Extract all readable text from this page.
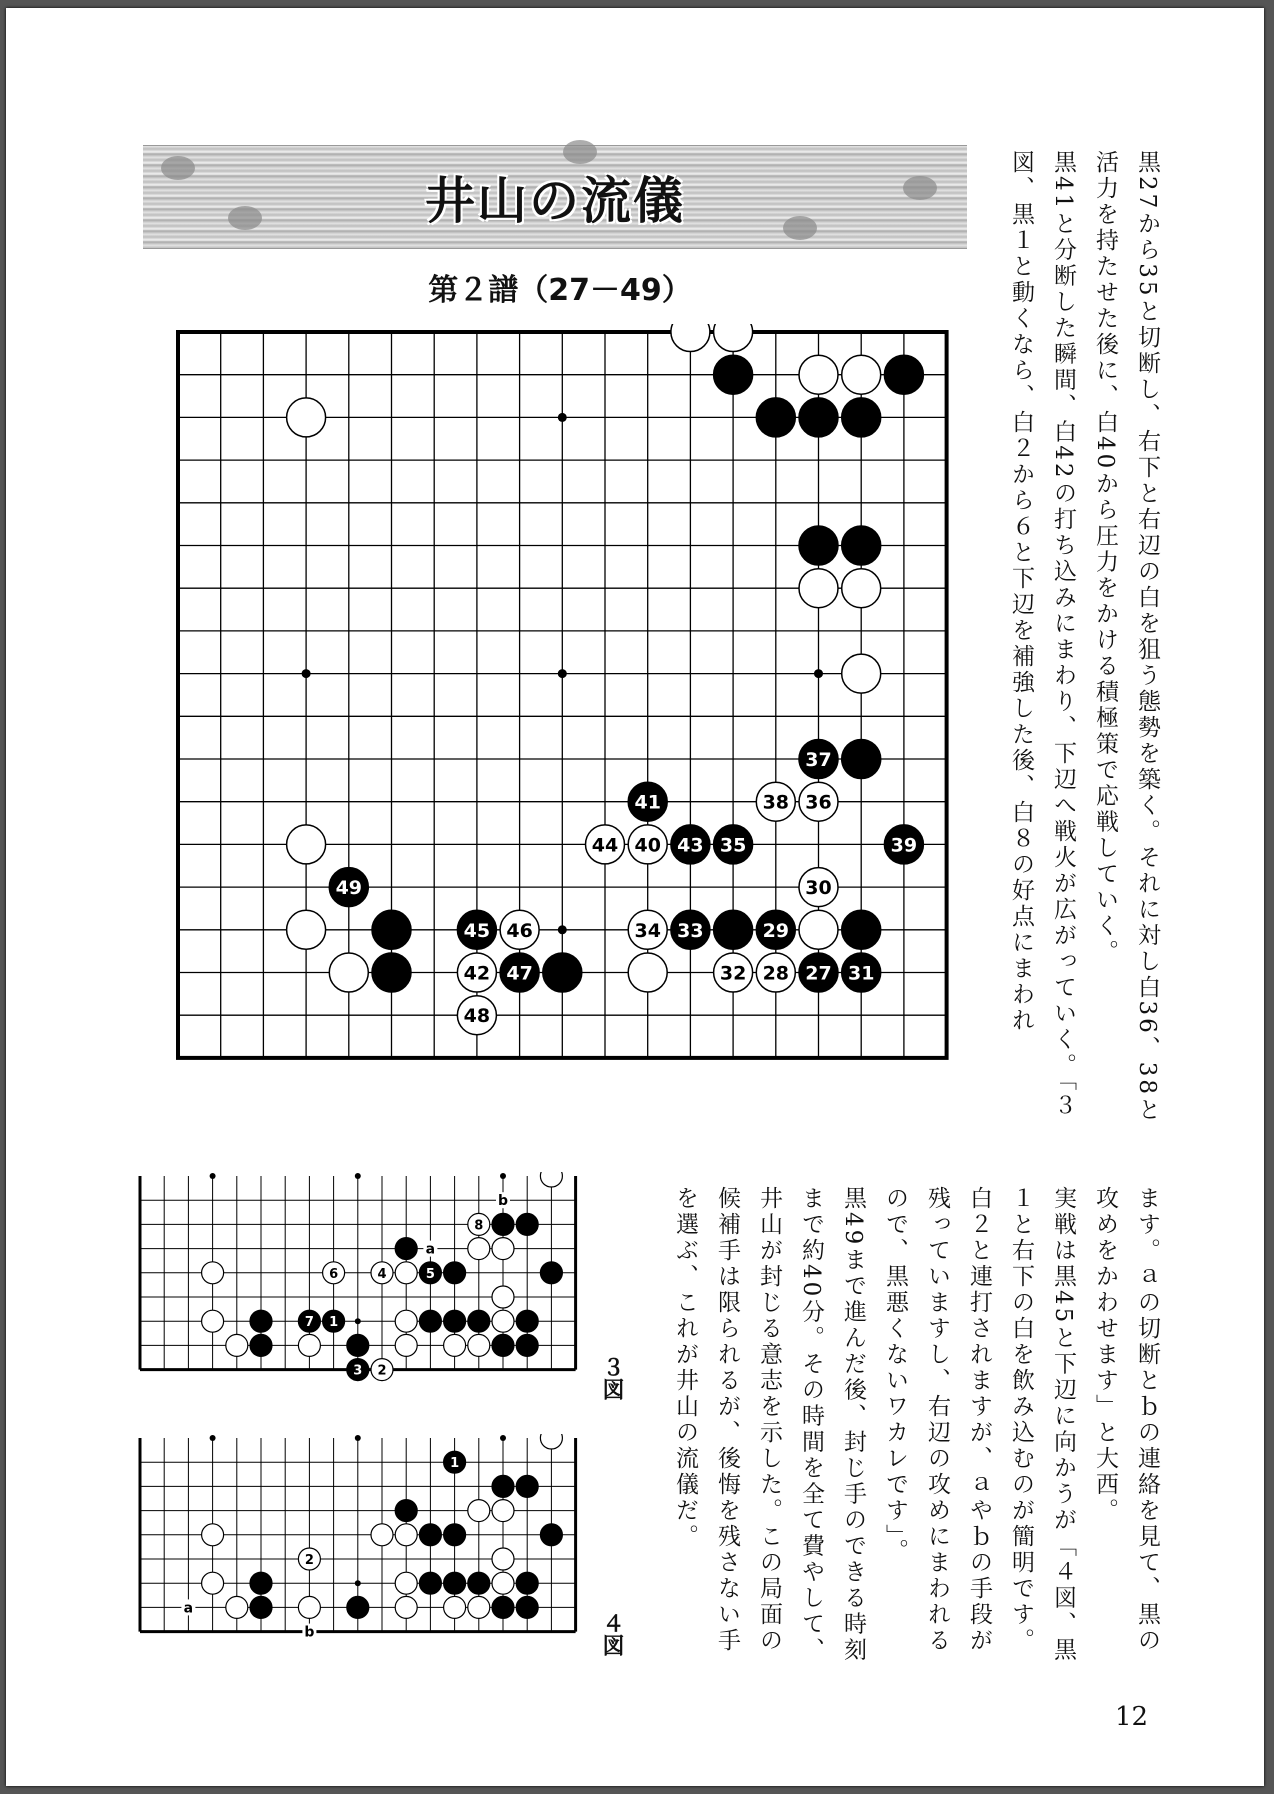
井山の流儀
第２譜（27－49）
37
41	38 36
44 40 43 35	39
49	30
45 46	34 33	29
42 47	32 28 27 31
48	黒27から35と切断し、右下と右辺の白を狙う態勢を築く。それに対し白36、38と活力を持たせた後に、白40から圧力をかける積極策で応戦していく。

黒41と分断した瞬間、白42の打ち込みにまわり、下辺へ戦火が広がっていく。「３図、黒１と動くなら、白２から６と下辺を補強した後、白８の好点にまわれ

a
b
8
6	4	5
7 1
3 2	３図
a
b
1
2
４図	ます。ａの切断とｂの連絡を見て、黒の攻めをかわせます」と大西。

実戦は黒45と下辺に向かうが「４図、黒１と右下の白を飲み込むのが簡明です。白２と連打されますが、ａやｂの手段が残っていますし、右辺の攻めにまわれるので、黒悪くないワカレです」。

黒49まで進んだ後、封じ手のできる時刻まで約40分。その時間を全て費やして、井山が封じる意志を示した。この局面の候補手は限られるが、後悔を残さない手を選ぶ、これが井山の流儀だ。

12
